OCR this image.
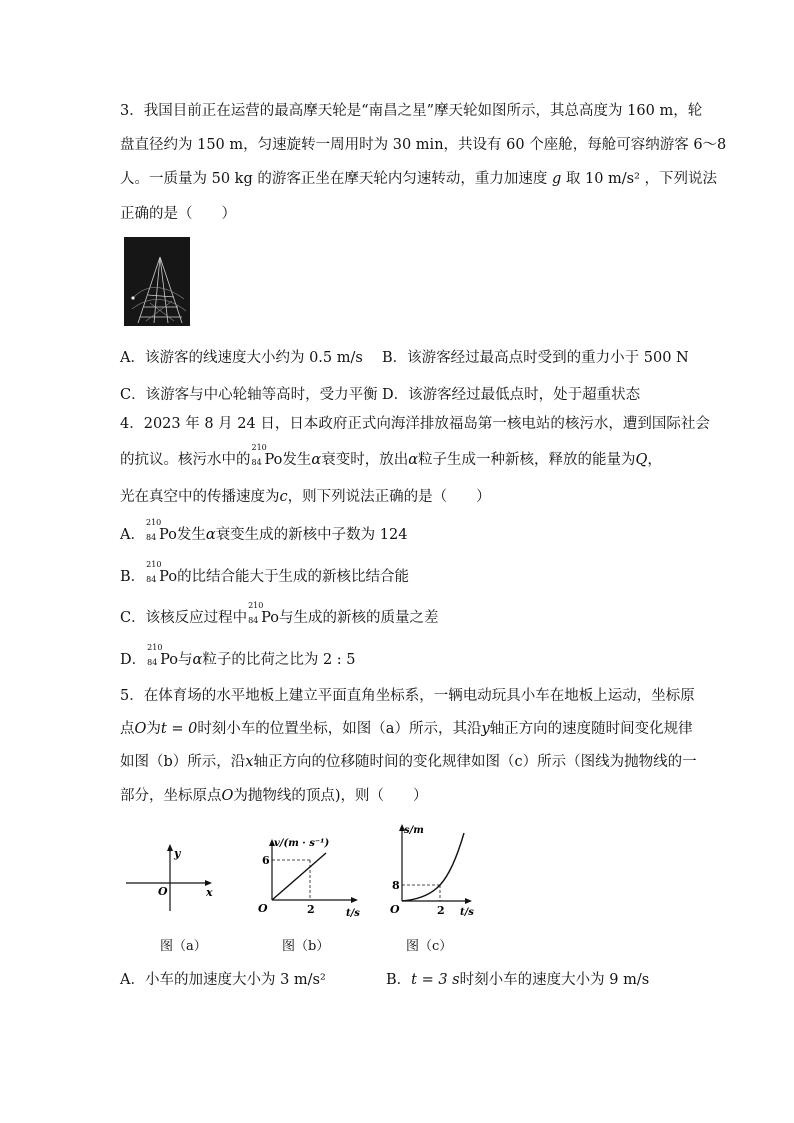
3．我国目前正在运营的最高摩天轮是“南昌之星”摩天轮如图所示，其总高度为 160 m，轮
盘直径约为 150 m，匀速旋转一周用时为 30 min，共设有 60 个座舱，每舱可容纳游客 6～8
人。一质量为 50 kg 的游客正坐在摩天轮内匀速转动，重力加速度 g 取 10 m/s² ，下列说法
正确的是（　　）
A．该游客的线速度大小约为 0.5 m/s B．该游客经过最高点时受到的重力小于 500 N
C．该游客与中心轮轴等高时，受力平衡 D．该游客经过最低点时，处于超重状态
4．2023 年 8 月 24 日，日本政府正式向海洋排放福岛第一核电站的核污水，遭到国际社会
的抗议。核污水中的
210
84 Po发生α衰变时，放出α粒子生成一种新核，释放的能量为Q，
光在真空中的传播速度为c，则下列说法正确的是（　　）
A．
210
84 Po发生α衰变生成的新核中子数为 124
B．
210
84 Po的比结合能大于生成的新核比结合能
C．该核反应过程中
210
84 Po与生成的新核的质量之差
D．
210
84 Po与α粒子的比荷之比为 2 : 5
5．在体育场的水平地板上建立平面直角坐标系，一辆电动玩具小车在地板上运动，坐标原
点O为t = 0时刻小车的位置坐标，如图（a）所示，其沿y轴正方向的速度随时间变化规律
如图（b）所示，沿x轴正方向的位移随时间的变化规律如图（c）所示（图线为抛物线的一
部分，坐标原点O为抛物线的顶点)，则（　　）
y
x
O
图（a）
6
2
O
v/(m · s⁻¹)
t/s
图（b）
8
2
O
s/m
t/s
图（c）
A．小车的加速度大小为 3 m/s²	B．t = 3 s时刻小车的速度大小为 9 m/s
